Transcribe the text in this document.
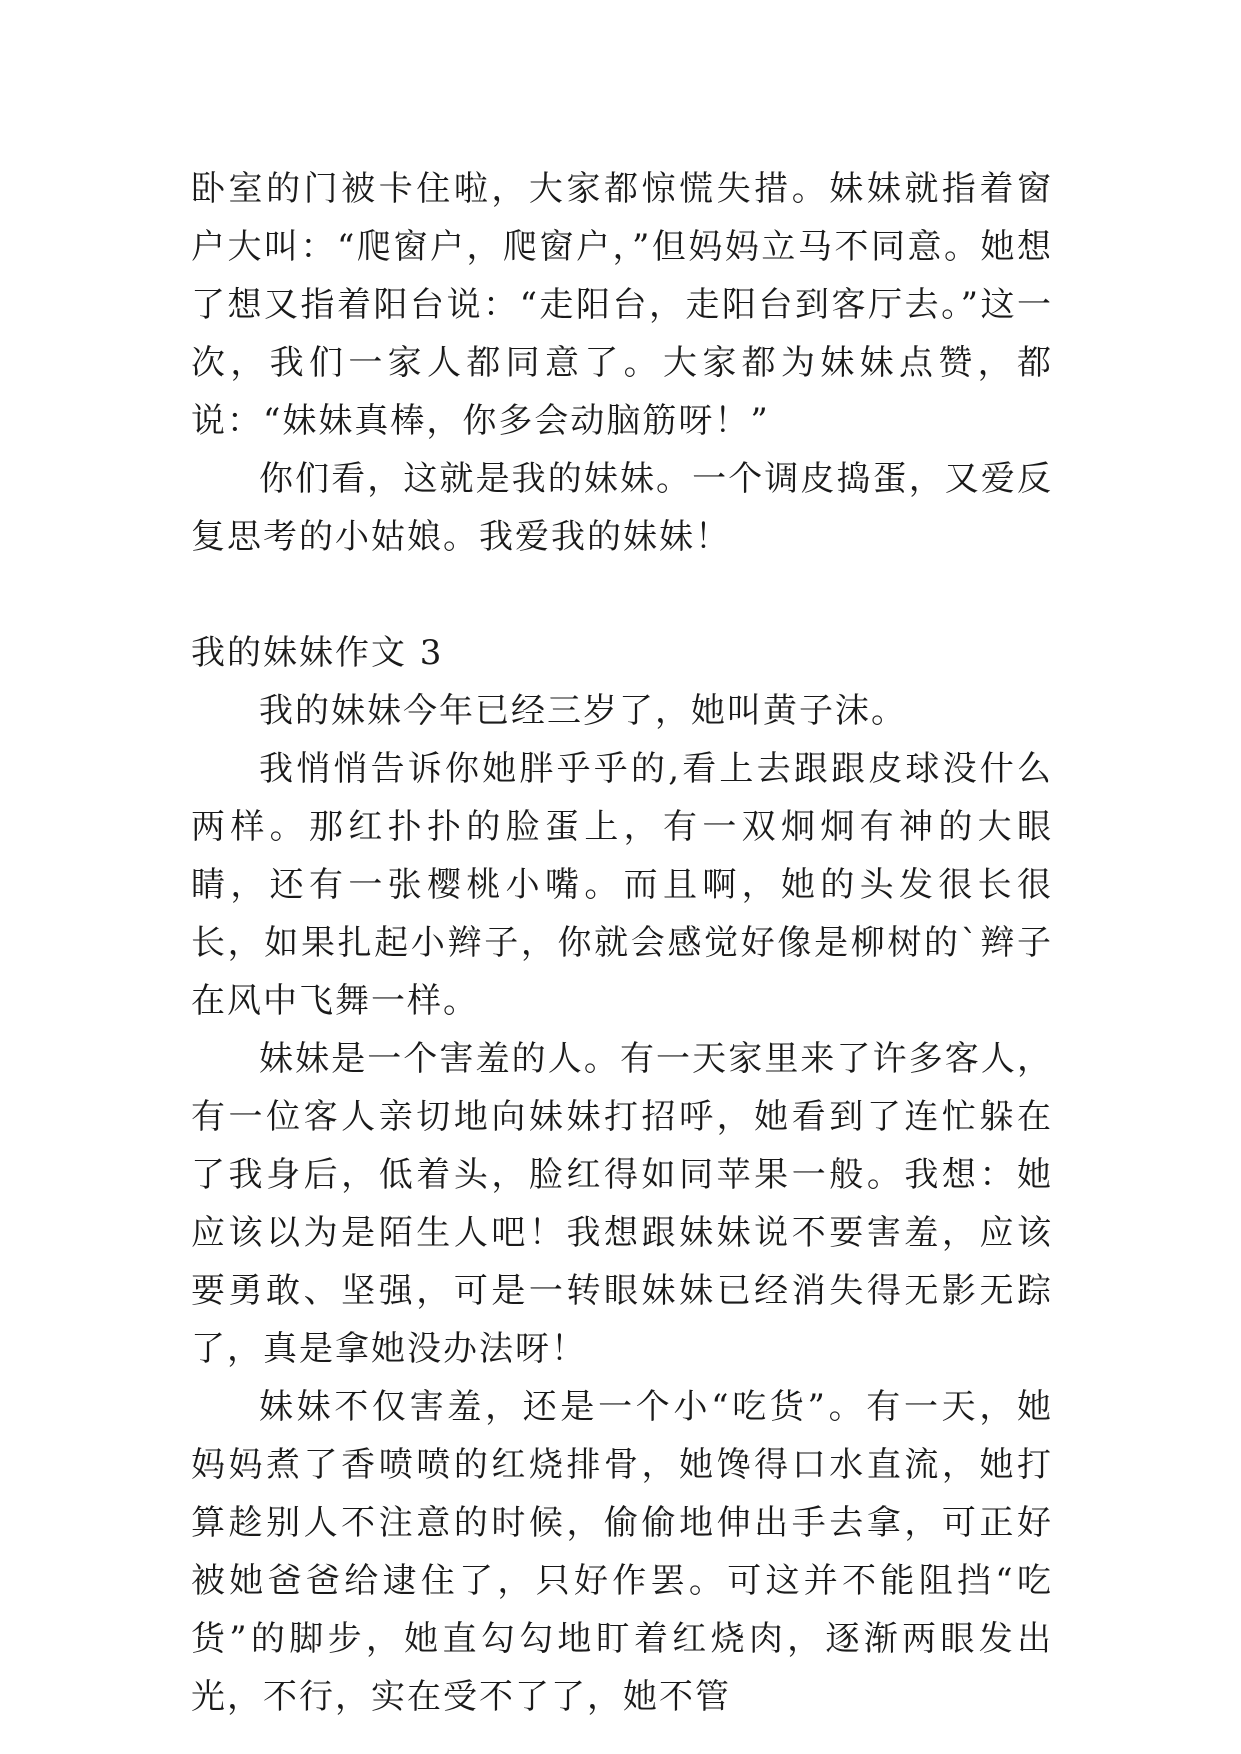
卧室的门被卡住啦，大家都惊慌失措。妹妹就指着窗户大叫：“爬窗户，爬窗户，”但妈妈立马不同意。她想了想又指着阳台说：“走阳台，走阳台到客厅去。”这一次，我们一家人都同意了。大家都为妹妹点赞，都说：“妹妹真棒，你多会动脑筋呀！”

你们看，这就是我的妹妹。一个调皮捣蛋，又爱反复思考的小姑娘。我爱我的妹妹！

我的妹妹作文 3

我的妹妹今年已经三岁了，她叫黄子沫。

我悄悄告诉你她胖乎乎的,看上去跟跟皮球没什么两样。那红扑扑的脸蛋上，有一双炯炯有神的大眼睛，还有一张樱桃小嘴。而且啊，她的头发很长很长，如果扎起小辫子，你就会感觉好像是柳树的`辫子在风中飞舞一样。

妹妹是一个害羞的人。有一天家里来了许多客人，有一位客人亲切地向妹妹打招呼，她看到了连忙躲在了我身后，低着头，脸红得如同苹果一般。我想：她应该以为是陌生人吧！我想跟妹妹说不要害羞，应该要勇敢、坚强，可是一转眼妹妹已经消失得无影无踪了，真是拿她没办法呀！

妹妹不仅害羞，还是一个小“吃货”。有一天，她妈妈煮了香喷喷的红烧排骨，她馋得口水直流，她打算趁别人不注意的时候，偷偷地伸出手去拿，可正好被她爸爸给逮住了，只好作罢。可这并不能阻挡“吃货”的脚步，她直勾勾地盯着红烧肉，逐渐两眼发出光，不行，实在受不了了，她不管
